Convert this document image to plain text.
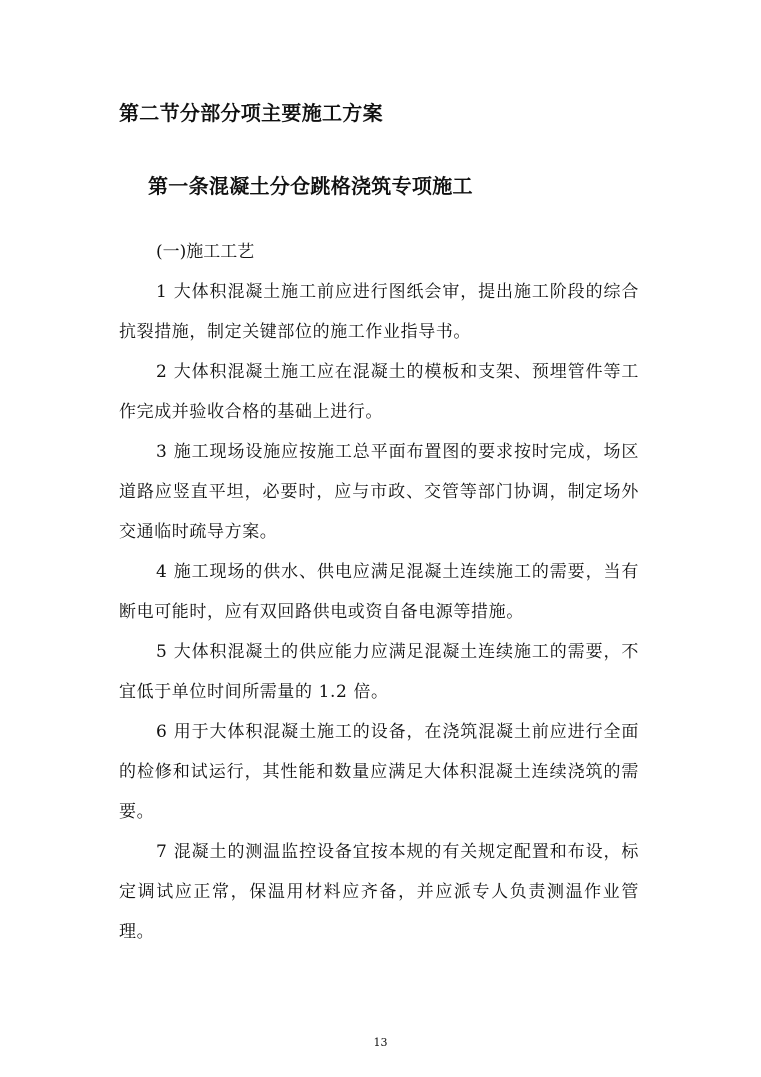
第二节分部分项主要施工方案
第一条混凝土分仓跳格浇筑专项施工

(一)施工工艺

1 大体积混凝土施工前应进行图纸会审，提出施工阶段的综合抗裂措施，制定关键部位的施工作业指导书。

2 大体积混凝土施工应在混凝土的模板和支架、预埋管件等工作完成并验收合格的基础上进行。

3 施工现场设施应按施工总平面布置图的要求按时完成，场区道路应竖直平坦，必要时，应与市政、交管等部门协调，制定场外交通临时疏导方案。

4 施工现场的供水、供电应满足混凝土连续施工的需要，当有断电可能时，应有双回路供电或资自备电源等措施。

5 大体积混凝土的供应能力应满足混凝土连续施工的需要，不宜低于单位时间所需量的 1.2 倍。

6 用于大体积混凝土施工的设备，在浇筑混凝土前应进行全面的检修和试运行，其性能和数量应满足大体积混凝土连续浇筑的需要。

7 混凝土的测温监控设备宜按本规的有关规定配置和布设，标定调试应正常，保温用材料应齐备，并应派专人负责测温作业管理。

13
